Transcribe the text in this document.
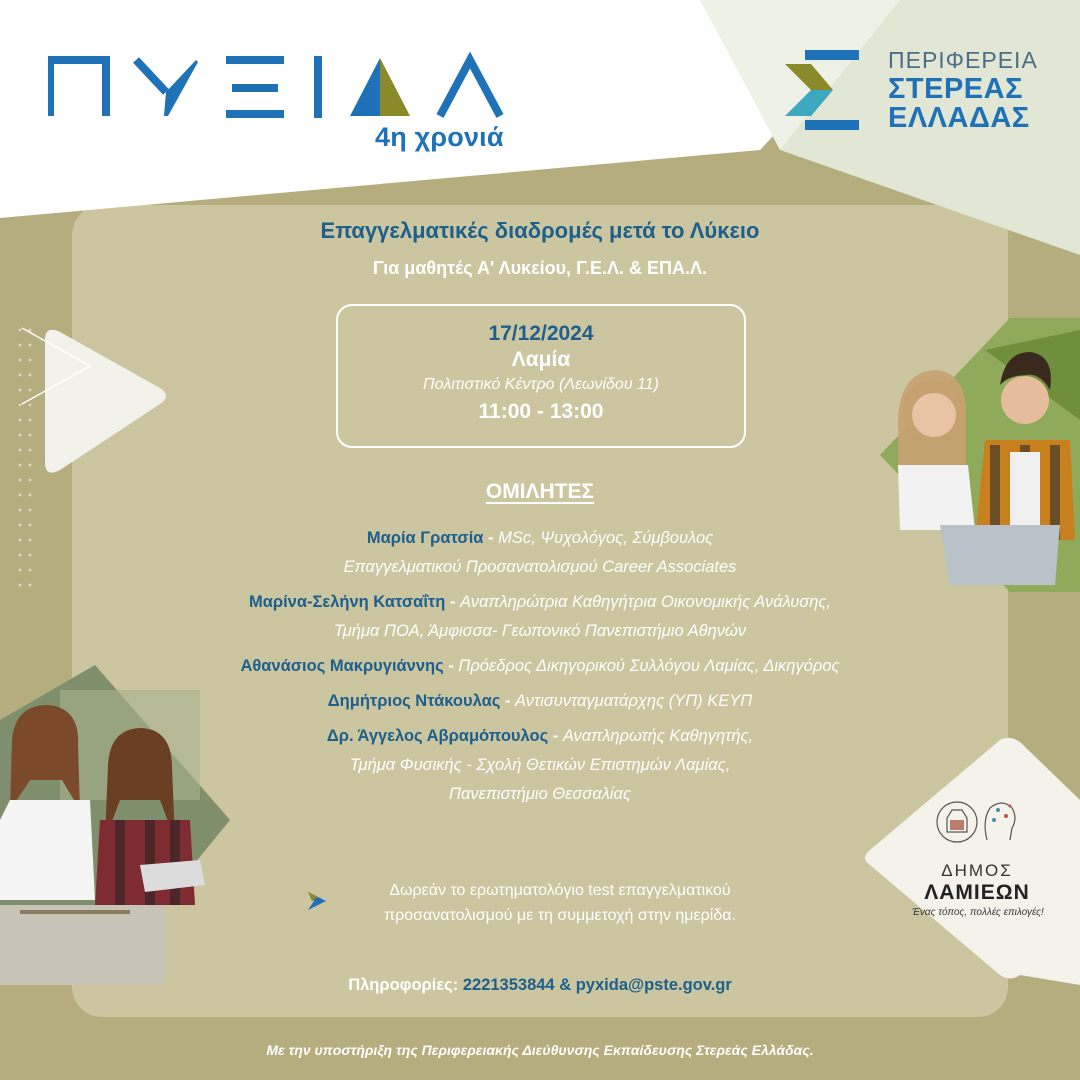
4η χρονιά
ΠΕΡΙΦΕΡΕΙΑ
ΣΤΕΡΕΑΣ
ΕΛΛΑΔΑΣ
Επαγγελματικές διαδρομές μετά το Λύκειο
Για μαθητές Α' Λυκείου, Γ.Ε.Λ. & ΕΠΑ.Λ.
17/12/2024
Λαμία
Πολιτιστικό Κέντρο (Λεωνίδου 11)
11:00 - 13:00
ΟΜΙΛΗΤΕΣ
Μαρία Γρατσία - MSc, Ψυχολόγος, Σύμβουλος
Επαγγελματικού Προσανατολισμού Career Associates
Μαρίνα-Σελήνη Κατσαΐτη - Αναπληρώτρια Καθηγήτρια Οικονομικής Ανάλυσης,
Τμήμα ΠΟΑ, Άμφισσα- Γεωπονικό Πανεπιστήμιο Αθηνών
Αθανάσιος Μακρυγιάννης - Πρόεδρος Δικηγορικού Συλλόγου Λαμίας, Δικηγόρος
Δημήτριος Ντάκουλας - Αντισυνταγματάρχης (ΥΠ) ΚΕΥΠ
Δρ. Άγγελος Αβραμόπουλος - Αναπληρωτής Καθηγητής,
Τμήμα Φυσικής - Σχολή Θετικών Επιστημών Λαμίας,
Πανεπιστήμιο Θεσσαλίας
Δωρεάν το ερωτηματολόγιο test επαγγελματικού
προσανατολισμού με τη συμμετοχή στην ημερίδα.
Πληροφορίες: 2221353844 & pyxida@pste.gov.gr
Με την υποστήριξη της Περιφερειακής Διεύθυνσης Εκπαίδευσης Στερεάς Ελλάδας.
ΔΗΜΟΣ
ΛΑΜΙΕΩΝ
Ένας τόπος, πολλές επιλογές!
